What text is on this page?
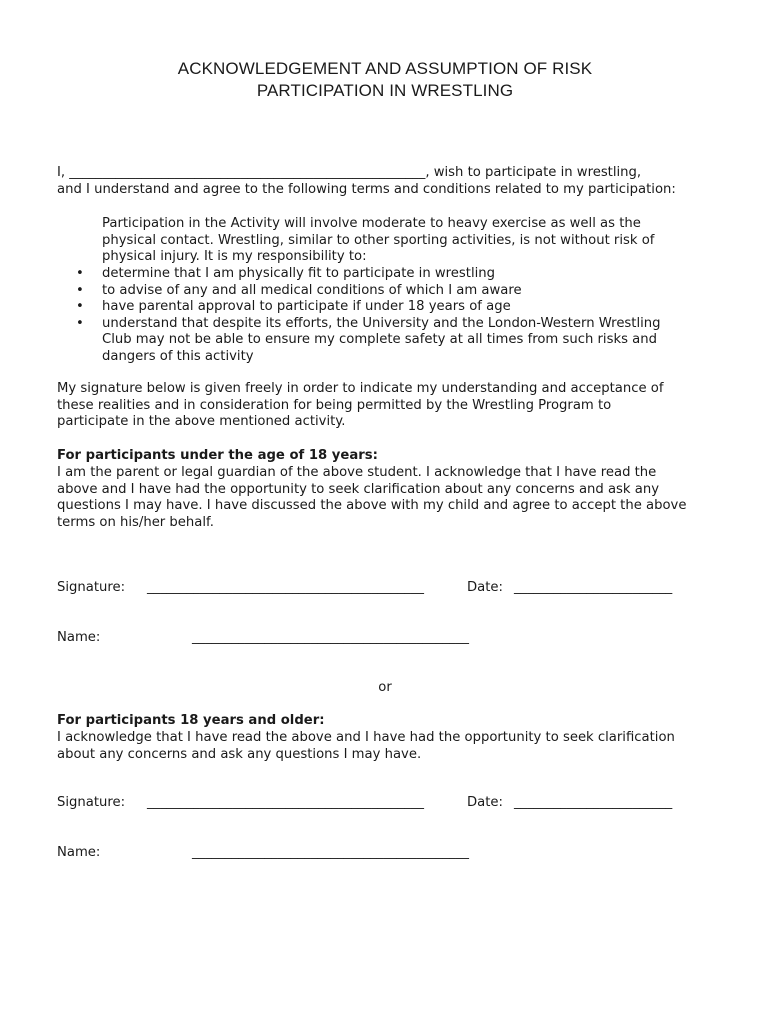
ACKNOWLEDGEMENT AND ASSUMPTION OF RISK
PARTICIPATION IN WRESTLING
I, ______________________________________________________, wish to participate in wrestling,
and I understand and agree to the following terms and conditions related to my participation:
Participation in the Activity will involve moderate to heavy exercise as well as the
physical contact. Wrestling, similar to other sporting activities, is not without risk of
physical injury. It is my responsibility to:
• determine that I am physically fit to participate in wrestling
• to advise of any and all medical conditions of which I am aware
• have parental approval to participate if under 18 years of age
• understand that despite its efforts, the University and the London-Western Wrestling
Club may not be able to ensure my complete safety at all times from such risks and
dangers of this activity
My signature below is given freely in order to indicate my understanding and acceptance of
these realities and in consideration for being permitted by the Wrestling Program to
participate in the above mentioned activity.
For participants under the age of 18 years:
I am the parent or legal guardian of the above student. I acknowledge that I have read the
above and I have had the opportunity to seek clarification about any concerns and ask any
questions I may have. I have discussed the above with my child and agree to accept the above
terms on his/her behalf.
Signature: __________________________________________	Date: ________________________
Name:	__________________________________________
or
For participants 18 years and older:
I acknowledge that I have read the above and I have had the opportunity to seek clarification
about any concerns and ask any questions I may have.
Signature: __________________________________________	Date: ________________________
Name:	__________________________________________
